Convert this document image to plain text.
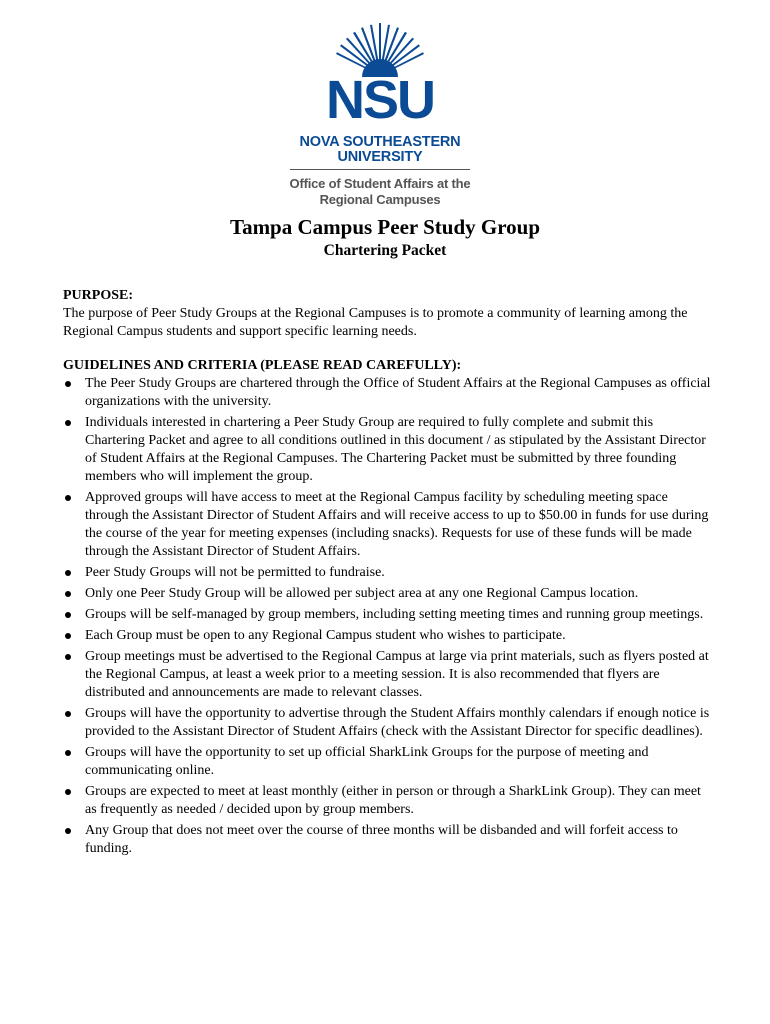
NSU
NOVA SOUTHEASTERN
UNIVERSITY
Office of Student Affairs at the
Regional Campuses
Tampa Campus Peer Study Group
Chartering Packet
PURPOSE:
The purpose of Peer Study Groups at the Regional Campuses is to promote a community of learning among the Regional Campus students and support specific learning needs.
GUIDELINES AND CRITERIA (PLEASE READ CAREFULLY):
The Peer Study Groups are chartered through the Office of Student Affairs at the Regional Campuses as official organizations with the university.
Individuals interested in chartering a Peer Study Group are required to fully complete and submit this Chartering Packet and agree to all conditions outlined in this document / as stipulated by the Assistant Director of Student Affairs at the Regional Campuses. The Chartering Packet must be submitted by three founding members who will implement the group.
Approved groups will have access to meet at the Regional Campus facility by scheduling meeting space through the Assistant Director of Student Affairs and will receive access to up to $50.00 in funds for use during the course of the year for meeting expenses (including snacks). Requests for use of these funds will be made through the Assistant Director of Student Affairs.
Peer Study Groups will not be permitted to fundraise.
Only one Peer Study Group will be allowed per subject area at any one Regional Campus location.
Groups will be self-managed by group members, including setting meeting times and running group meetings.
Each Group must be open to any Regional Campus student who wishes to participate.
Group meetings must be advertised to the Regional Campus at large via print materials, such as flyers posted at the Regional Campus, at least a week prior to a meeting session. It is also recommended that flyers are distributed and announcements are made to relevant classes.
Groups will have the opportunity to advertise through the Student Affairs monthly calendars if enough notice is provided to the Assistant Director of Student Affairs (check with the Assistant Director for specific deadlines).
Groups will have the opportunity to set up official SharkLink Groups for the purpose of meeting and communicating online.
Groups are expected to meet at least monthly (either in person or through a SharkLink Group). They can meet as frequently as needed / decided upon by group members.
Any Group that does not meet over the course of three months will be disbanded and will forfeit access to funding.
